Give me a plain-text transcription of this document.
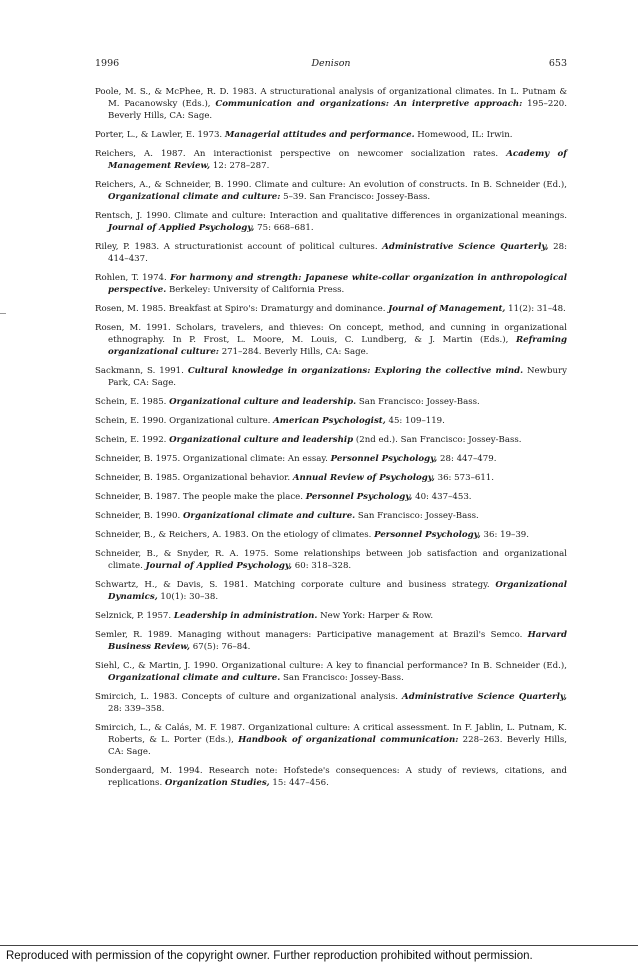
1996	Denison	653

Poole, M. S., & McPhee, R. D. 1983. A structurational analysis of organizational climates. In L. Putnam & M. Pacanowsky (Eds.), Communication and organizations: An interpretive approach: 195–220. Beverly Hills, CA: Sage.

Porter, L., & Lawler, E. 1973. Managerial attitudes and performance. Homewood, IL: Irwin.

Reichers, A. 1987. An interactionist perspective on newcomer socialization rates. Academy of Management Review, 12: 278–287.

Reichers, A., & Schneider, B. 1990. Climate and culture: An evolution of constructs. In B. Schneider (Ed.), Organizational climate and culture: 5–39. San Francisco: Jossey-Bass.

Rentsch, J. 1990. Climate and culture: Interaction and qualitative differences in organizational meanings. Journal of Applied Psychology, 75: 668–681.

Riley, P. 1983. A structurationist account of political cultures. Administrative Science Quarterly, 28: 414–437.

Rohlen, T. 1974. For harmony and strength: Japanese white-collar organization in anthropological perspective. Berkeley: University of California Press.

Rosen, M. 1985. Breakfast at Spiro's: Dramaturgy and dominance. Journal of Management, 11(2): 31–48.

Rosen, M. 1991. Scholars, travelers, and thieves: On concept, method, and cunning in organizational ethnography. In P. Frost, L. Moore, M. Louis, C. Lundberg, & J. Martin (Eds.), Reframing organizational culture: 271–284. Beverly Hills, CA: Sage.

Sackmann, S. 1991. Cultural knowledge in organizations: Exploring the collective mind. Newbury Park, CA: Sage.

Schein, E. 1985. Organizational culture and leadership. San Francisco: Jossey-Bass.

Schein, E. 1990. Organizational culture. American Psychologist, 45: 109–119.

Schein, E. 1992. Organizational culture and leadership (2nd ed.). San Francisco: Jossey-Bass.

Schneider, B. 1975. Organizational climate: An essay. Personnel Psychology, 28: 447–479.

Schneider, B. 1985. Organizational behavior. Annual Review of Psychology, 36: 573–611.

Schneider, B. 1987. The people make the place. Personnel Psychology, 40: 437–453.

Schneider, B. 1990. Organizational climate and culture. San Francisco: Jossey-Bass.

Schneider, B., & Reichers, A. 1983. On the etiology of climates. Personnel Psychology, 36: 19–39.

Schneider, B., & Snyder, R. A. 1975. Some relationships between job satisfaction and organizational climate. Journal of Applied Psychology, 60: 318–328.

Schwartz, H., & Davis, S. 1981. Matching corporate culture and business strategy. Organizational Dynamics, 10(1): 30–38.

Selznick, P. 1957. Leadership in administration. New York: Harper & Row.

Semler, R. 1989. Managing without managers: Participative management at Brazil's Semco. Harvard Business Review, 67(5): 76–84.

Siehl, C., & Martin, J. 1990. Organizational culture: A key to financial performance? In B. Schneider (Ed.), Organizational climate and culture. San Francisco: Jossey-Bass.

Smircich, L. 1983. Concepts of culture and organizational analysis. Administrative Science Quarterly, 28: 339–358.

Smircich, L., & Calás, M. F. 1987. Organizational culture: A critical assessment. In F. Jablin, L. Putnam, K. Roberts, & L. Porter (Eds.), Handbook of organizational communication: 228–263. Beverly Hills, CA: Sage.

Sondergaard, M. 1994. Research note: Hofstede's consequences: A study of reviews, citations, and replications. Organization Studies, 15: 447–456.

Reproduced with permission of the copyright owner. Further reproduction prohibited without permission.
